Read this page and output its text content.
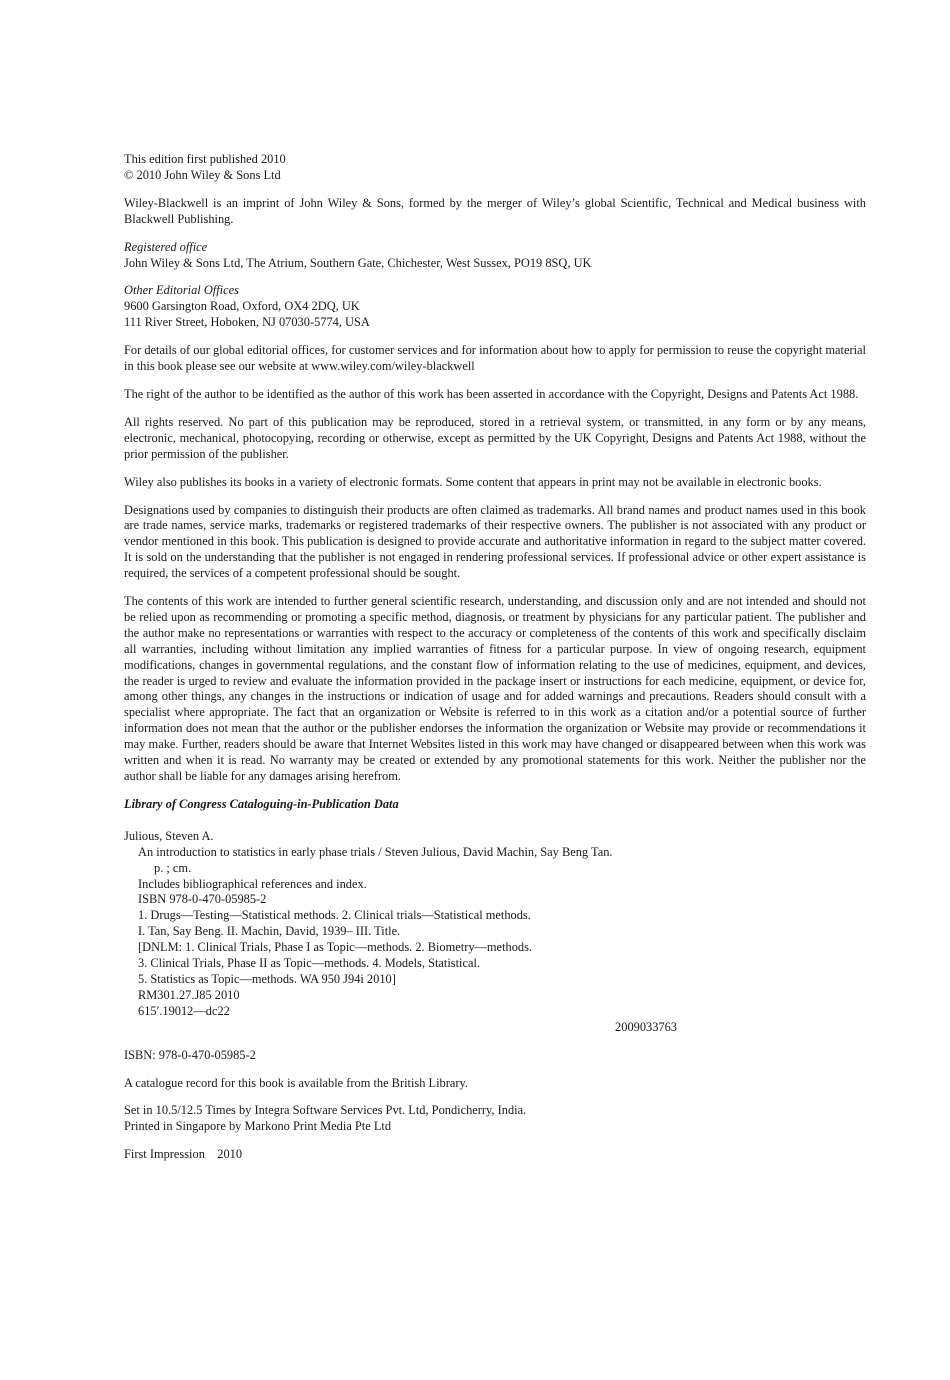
This edition first published 2010
© 2010 John Wiley & Sons Ltd

Wiley-Blackwell is an imprint of John Wiley & Sons, formed by the merger of Wiley’s global Scientific, Technical and Medical business with Blackwell Publishing.

Registered office
John Wiley & Sons Ltd, The Atrium, Southern Gate, Chichester, West Sussex, PO19 8SQ, UK
Other Editorial Offices
9600 Garsington Road, Oxford, OX4 2DQ, UK
111 River Street, Hoboken, NJ 07030-5774, USA

For details of our global editorial offices, for customer services and for information about how to apply for permission to reuse the copyright material in this book please see our website at www.wiley.com/wiley-blackwell

The right of the author to be identified as the author of this work has been asserted in accordance with the Copyright, Designs and Patents Act 1988.

All rights reserved. No part of this publication may be reproduced, stored in a retrieval system, or transmitted, in any form or by any means, electronic, mechanical, photocopying, recording or otherwise, except as permitted by the UK Copyright, Designs and Patents Act 1988, without the prior permission of the publisher.

Wiley also publishes its books in a variety of electronic formats. Some content that appears in print may not be available in electronic books.

Designations used by companies to distinguish their products are often claimed as trademarks. All brand names and product names used in this book are trade names, service marks, trademarks or registered trademarks of their respective owners. The publisher is not associated with any product or vendor mentioned in this book. This publication is designed to provide accurate and authoritative information in regard to the subject matter covered. It is sold on the understanding that the publisher is not engaged in rendering professional services. If professional advice or other expert assistance is required, the services of a competent professional should be sought.

The contents of this work are intended to further general scientific research, understanding, and discussion only and are not intended and should not be relied upon as recommending or promoting a specific method, diagnosis, or treatment by physicians for any particular patient. The publisher and the author make no representations or warranties with respect to the accuracy or completeness of the contents of this work and specifically disclaim all warranties, including without limitation any implied warranties of fitness for a particular purpose. In view of ongoing research, equipment modifications, changes in governmental regulations, and the constant flow of information relating to the use of medicines, equipment, and devices, the reader is urged to review and evaluate the information provided in the package insert or instructions for each medicine, equipment, or device for, among other things, any changes in the instructions or indication of usage and for added warnings and precautions. Readers should consult with a specialist where appropriate. The fact that an organization or Website is referred to in this work as a citation and/or a potential source of further information does not mean that the author or the publisher endorses the information the organization or Website may provide or recommendations it may make. Further, readers should be aware that Internet Websites listed in this work may have changed or disappeared between when this work was written and when it is read. No warranty may be created or extended by any promotional statements for this work. Neither the publisher nor the author shall be liable for any damages arising herefrom.

Library of Congress Cataloguing-in-Publication Data
Julious, Steven A.
An introduction to statistics in early phase trials / Steven Julious, David Machin, Say Beng Tan.
p. ; cm.
Includes bibliographical references and index.
ISBN 978-0-470-05985-2
1. Drugs—Testing—Statistical methods. 2. Clinical trials—Statistical methods.
I. Tan, Say Beng. II. Machin, David, 1939– III. Title.
[DNLM: 1. Clinical Trials, Phase I as Topic—methods. 2. Biometry—methods.
3. Clinical Trials, Phase II as Topic—methods. 4. Models, Statistical.
5. Statistics as Topic—methods. WA 950 J94i 2010]
RM301.27.J85 2010
615′.19012—dc22
2009033763

ISBN: 978-0-470-05985-2

A catalogue record for this book is available from the British Library.

Set in 10.5/12.5 Times by Integra Software Services Pvt. Ltd, Pondicherry, India.
Printed in Singapore by Markono Print Media Pte Ltd

First Impression    2010
